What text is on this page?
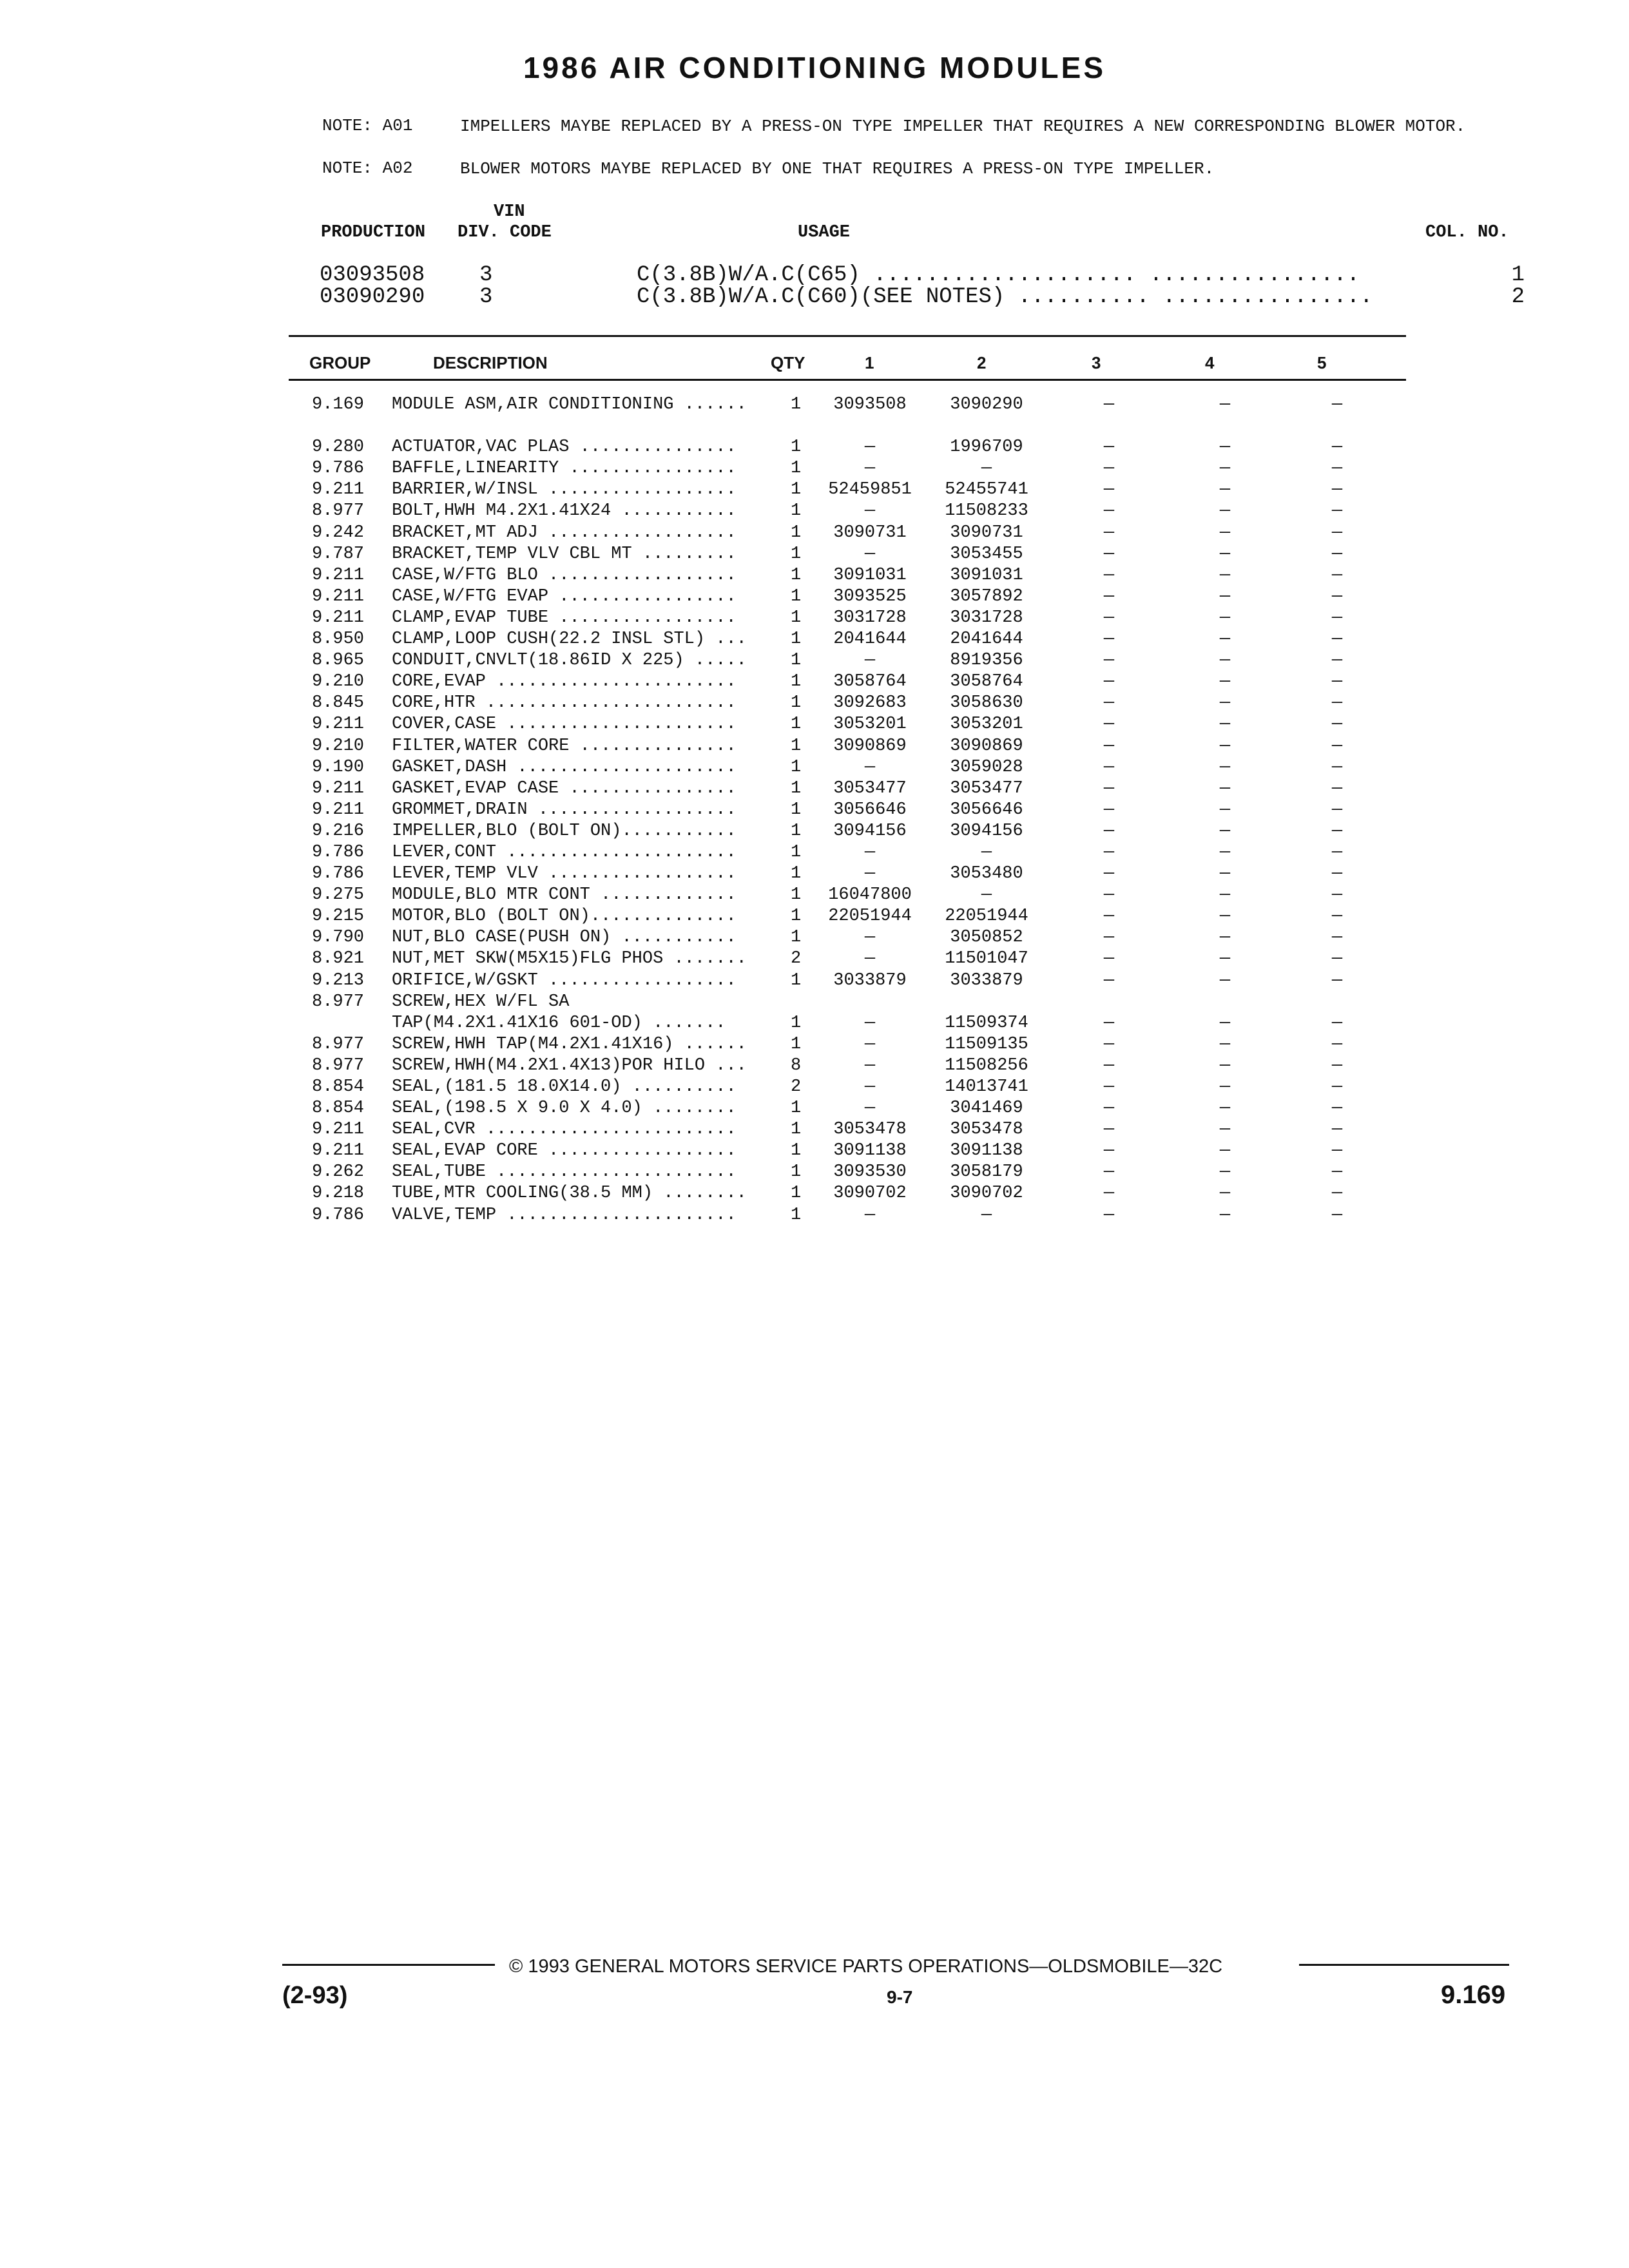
1986 AIR CONDITIONING MODULES
NOTE: A01	IMPELLERS MAYBE REPLACED BY A PRESS-ON TYPE IMPELLER THAT REQUIRES A NEW CORRESPONDING BLOWER MOTOR.
NOTE: A02	BLOWER MOTORS MAYBE REPLACED BY ONE THAT REQUIRES A PRESS-ON TYPE IMPELLER.
VIN
PRODUCTION DIV. CODE	USAGE	COL. NO.
03093508 3	C(3.8B)W/A.C(C65) .................... ................	1
03090290 3	C(3.8B)W/A.C(C60)(SEE NOTES) .......... ................	2
GROUP	DESCRIPTION	QTY	1	2	3	4	5
9.169 MODULE ASM,AIR CONDITIONING ......	1	3093508	3090290	—	—	—
9.280 ACTUATOR,VAC PLAS ...............	1	—	1996709	—	—	—
9.786 BAFFLE,LINEARITY ................	1	—	—	—	—	—
9.211 BARRIER,W/INSL ..................	1	52459851	52455741	—	—	—
8.977 BOLT,HWH M4.2X1.41X24 ...........	1	—	11508233	—	—	—
9.242 BRACKET,MT ADJ ..................	1	3090731	3090731	—	—	—
9.787 BRACKET,TEMP VLV CBL MT .........	1	—	3053455	—	—	—
9.211 CASE,W/FTG BLO ..................	1	3091031	3091031	—	—	—
9.211 CASE,W/FTG EVAP .................	1	3093525	3057892	—	—	—
9.211 CLAMP,EVAP TUBE .................	1	3031728	3031728	—	—	—
8.950 CLAMP,LOOP CUSH(22.2 INSL STL) ...	1	2041644	2041644	—	—	—
8.965 CONDUIT,CNVLT(18.86ID X 225) .....	1	—	8919356	—	—	—
9.210 CORE,EVAP .......................	1	3058764	3058764	—	—	—
8.845 CORE,HTR ........................	1	3092683	3058630	—	—	—
9.211 COVER,CASE ......................	1	3053201	3053201	—	—	—
9.210 FILTER,WATER CORE ...............	1	3090869	3090869	—	—	—
9.190 GASKET,DASH .....................	1	—	3059028	—	—	—
9.211 GASKET,EVAP CASE ................	1	3053477	3053477	—	—	—
9.211 GROMMET,DRAIN ...................	1	3056646	3056646	—	—	—
9.216 IMPELLER,BLO (BOLT ON)...........	1	3094156	3094156	—	—	—
9.786 LEVER,CONT ......................	1	—	—	—	—	—
9.786 LEVER,TEMP VLV ..................	1	—	3053480	—	—	—
9.275 MODULE,BLO MTR CONT .............	1	16047800	—	—	—	—
9.215 MOTOR,BLO (BOLT ON)..............	1	22051944	22051944	—	—	—
9.790 NUT,BLO CASE(PUSH ON) ...........	1	—	3050852	—	—	—
8.921 NUT,MET SKW(M5X15)FLG PHOS .......	2	—	11501047	—	—	—
9.213 ORIFICE,W/GSKT ..................	1	3033879	3033879	—	—	—
8.977 SCREW,HEX W/FL SA
TAP(M4.2X1.41X16 601-OD) .......	1	—	11509374	—	—	—
8.977 SCREW,HWH TAP(M4.2X1.41X16) ......	1	—	11509135	—	—	—
8.977 SCREW,HWH(M4.2X1.4X13)POR HILO ...	8	—	11508256	—	—	—
8.854 SEAL,(181.5 18.0X14.0) ..........	2	—	14013741	—	—	—
8.854 SEAL,(198.5 X 9.0 X 4.0) ........	1	—	3041469	—	—	—
9.211 SEAL,CVR ........................	1	3053478	3053478	—	—	—
9.211 SEAL,EVAP CORE ..................	1	3091138	3091138	—	—	—
9.262 SEAL,TUBE .......................	1	3093530	3058179	—	—	—
9.218 TUBE,MTR COOLING(38.5 MM) ........	1	3090702	3090702	—	—	—
9.786 VALVE,TEMP ......................	1	—	—	—	—	—
© 1993 GENERAL MOTORS SERVICE PARTS OPERATIONS—OLDSMOBILE—32C
(2-93)	9-7	9.169
